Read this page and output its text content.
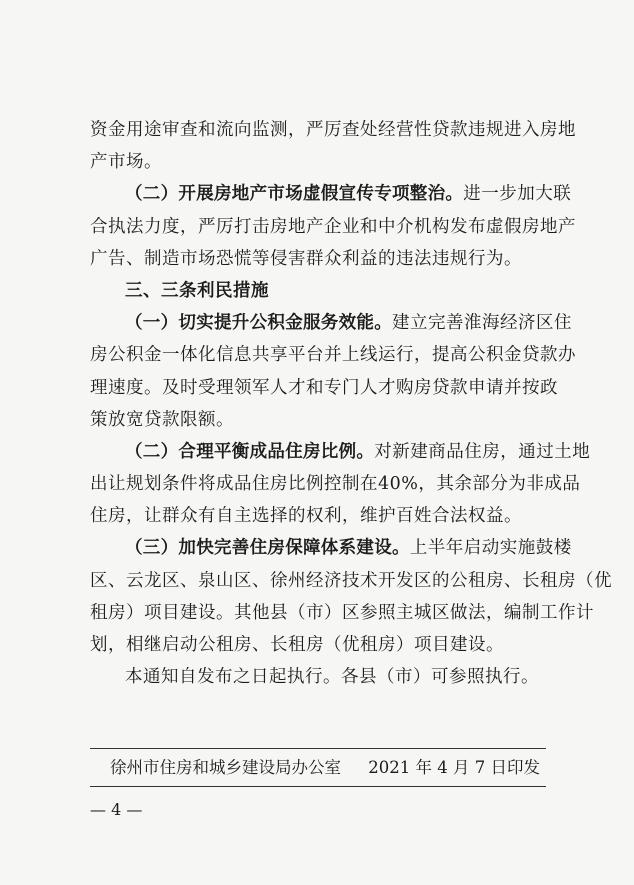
资金用途审查和流向监测，严厉查处经营性贷款违规进入房地
产市场。
（二）开展房地产市场虚假宣传专项整治。进一步加大联
合执法力度，严厉打击房地产企业和中介机构发布虚假房地产
广告、制造市场恐慌等侵害群众利益的违法违规行为。
三、三条利民措施
（一）切实提升公积金服务效能。建立完善淮海经济区住
房公积金一体化信息共享平台并上线运行，提高公积金贷款办
理速度。及时受理领军人才和专门人才购房贷款申请并按政
策放宽贷款限额。
（二）合理平衡成品住房比例。对新建商品住房，通过土地
出让规划条件将成品住房比例控制在40%，其余部分为非成品
住房，让群众有自主选择的权利，维护百姓合法权益。
（三）加快完善住房保障体系建设。上半年启动实施鼓楼
区、云龙区、泉山区、徐州经济技术开发区的公租房、长租房（优
租房）项目建设。其他县（市）区参照主城区做法，编制工作计
划，相继启动公租房、长租房（优租房）项目建设。
本通知自发布之日起执行。各县（市）可参照执行。
徐州市住房和城乡建设局办公室 2021 年 4 月 7 日印发
— 4 —
